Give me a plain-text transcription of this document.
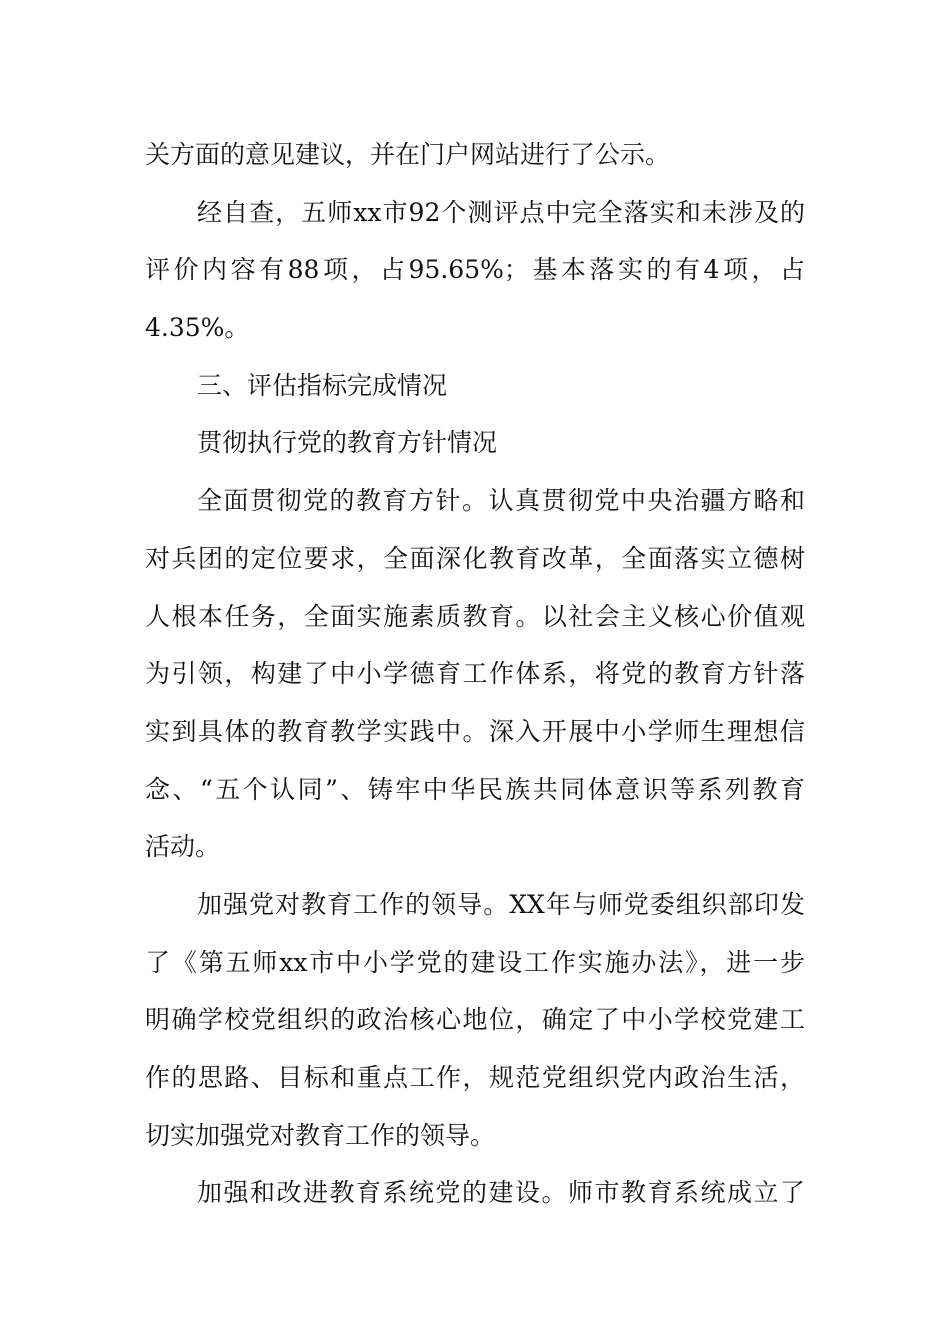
关方面的意见建议，并在门户网站进行了公示。
经自查，五师xx市92个测评点中完全落实和未涉及的
评价内容有88项，占95.65%；基本落实的有4项，占
4.35%。
三、评估指标完成情况
贯彻执行党的教育方针情况
全面贯彻党的教育方针。认真贯彻党中央治疆方略和
对兵团的定位要求，全面深化教育改革，全面落实立德树
人根本任务，全面实施素质教育。以社会主义核心价值观
为引领，构建了中小学德育工作体系，将党的教育方针落
实到具体的教育教学实践中。深入开展中小学师生理想信
念、“五个认同”、铸牢中华民族共同体意识等系列教育
活动。
加强党对教育工作的领导。XX年与师党委组织部印发
了《第五师xx市中小学党的建设工作实施办法》，进一步
明确学校党组织的政治核心地位，确定了中小学校党建工
作的思路、目标和重点工作，规范党组织党内政治生活，
切实加强党对教育工作的领导。
加强和改进教育系统党的建设。师市教育系统成立了
